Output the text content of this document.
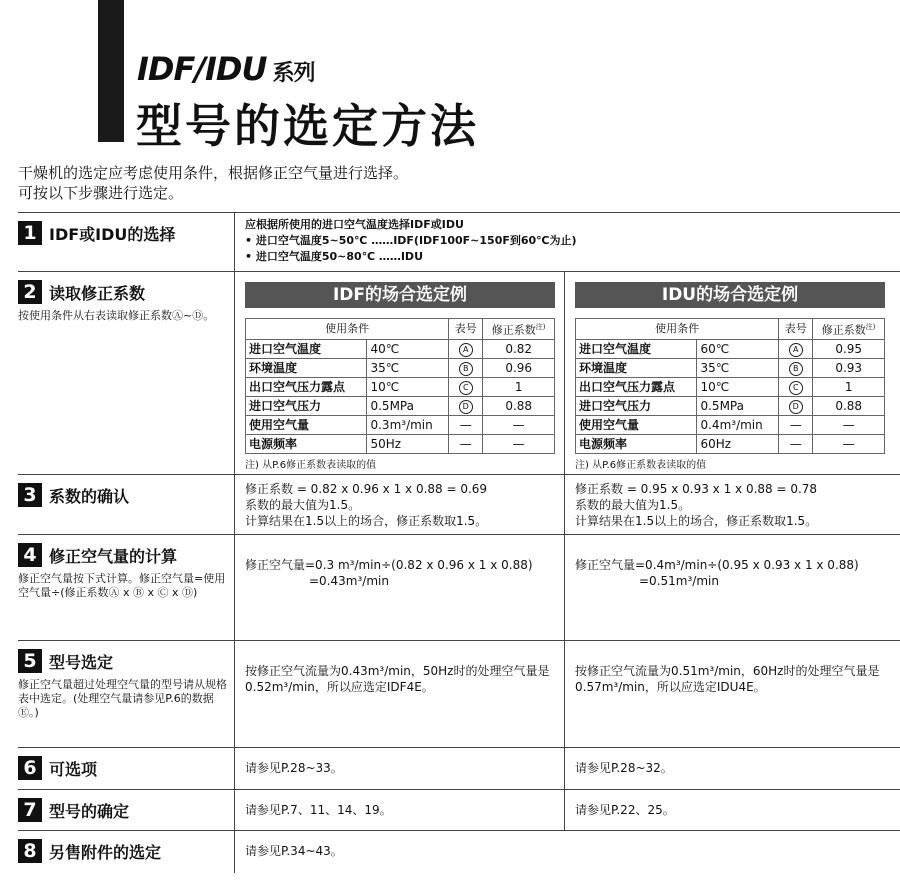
IDF/IDU 系列
型号的选定方法
干燥机的选定应考虑使用条件，根据修正空气量进行选择。
可按以下步骤进行选定。
1 IDF或IDU的选择	应根据所使用的进口空气温度选择IDF或IDU
• 进口空气温度5~50℃ ……IDF(IDF100F~150F到60℃为止)
• 进口空气温度50~80℃ ……IDU
2 读取修正系数
按使用条件从右表读取修正系数Ⓐ~Ⓓ。
IDF的场合选定例
使用条件		表号	修正系数$^{注)}$
进口空气温度	40℃	A	0.82
环境温度	35℃	B	0.96
出口空气压力露点	10℃	C	1
进口空气压力	0.5MPa	D	0.88
使用空气量	0.3m³/min	—	—
电源频率	50Hz	—	—
注) 从P.6修正系数表读取的值
IDU的场合选定例
使用条件		表号	修正系数$^{注)}$
进口空气温度	60℃	A	0.95
环境温度	35℃	B	0.93
出口空气压力露点	10℃	C	1
进口空气压力	0.5MPa	D	0.88
使用空气量	0.4m³/min	—	—
电源频率	60Hz	—	—
注) 从P.6修正系数表读取的值
3 系数的确认	修正系数 = 0.82 x 0.96 x 1 x 0.88 = 0.69
系数的最大值为1.5。
计算结果在1.5以上的场合，修正系数取1.5。
修正系数 = 0.95 x 0.93 x 1 x 0.88 = 0.78
系数的最大值为1.5。
计算结果在1.5以上的场合，修正系数取1.5。
4 修正空气量的计算
修正空气量按下式计算。修正空气量=使用空气量÷(修正系数Ⓐ x Ⓑ x Ⓒ x Ⓓ)
修正空气量=0.3 m³/min÷(0.82 x 0.96 x 1 x 0.88)
=0.43m³/min
修正空气量=0.4m³/min÷(0.95 x 0.93 x 1 x 0.88)
=0.51m³/min
5 型号选定
修正空气量超过处理空气量的型号请从规格表中选定。(处理空气量请参见P.6的数据Ⓔ。)
按修正空气流量为0.43m³/min，50Hz时的处理空气量是
0.52m³/min，所以应选定IDF4E。
按修正空气流量为0.51m³/min，60Hz时的处理空气量是
0.57m³/min，所以应选定IDU4E。
6 可选项	请参见P.28~33。	请参见P.28~32。
7 型号的确定	请参见P.7、11、14、19。	请参见P.22、25。
8 另售附件的选定	请参见P.34~43。
